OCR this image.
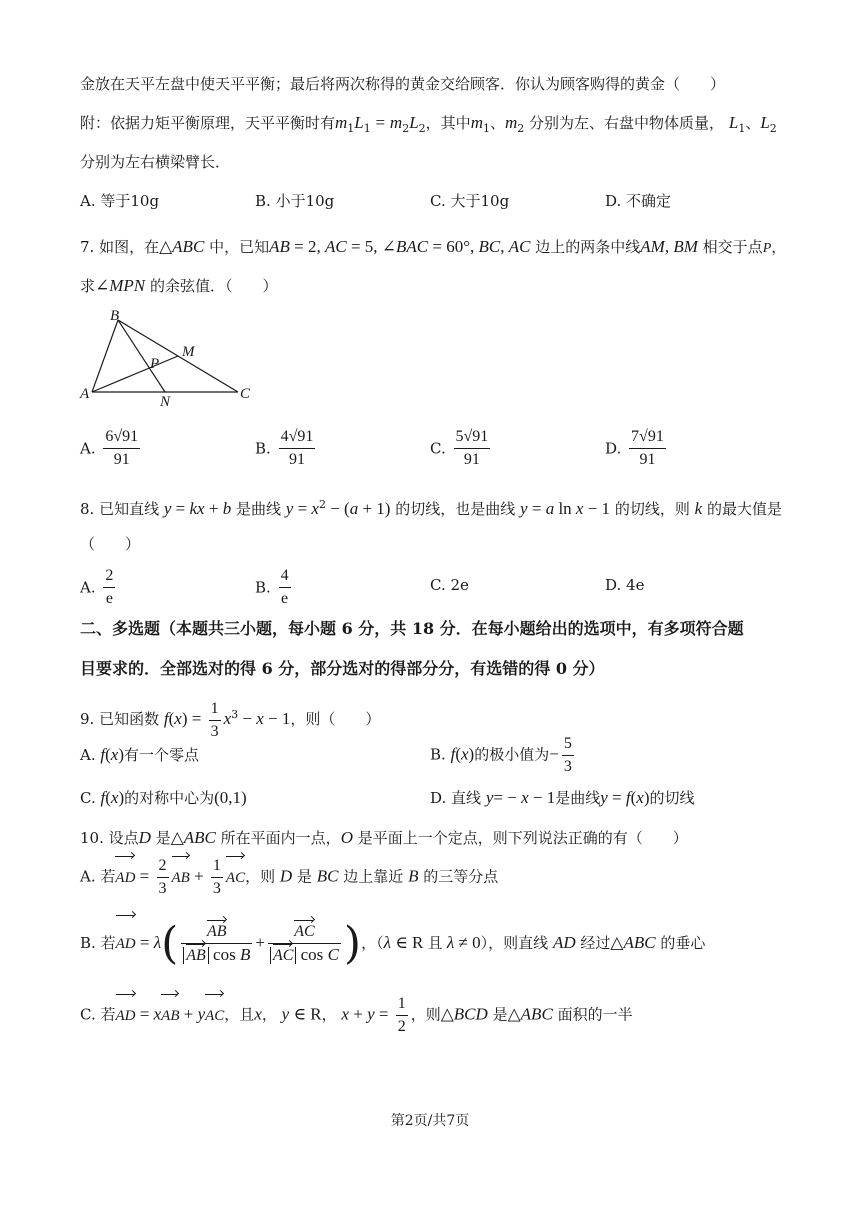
金放在天平左盘中使天平平衡；最后将两次称得的黄金交给顾客．你认为顾客购得的黄金（　　）
附：依据力矩平衡原理，天平平衡时有$m_1L_1 = m_2L_2$，其中$m_1$、$m_2$ 分别为左、右盘中物体质量， $L_1$、$L_2$
分别为左右横梁臂长．
A. 等于10g	B. 小于10g	C. 大于10g	D. 不确定
7. 如图，在△ABC 中，已知AB = 2, AC = 5, ∠BAC = 60°, BC, AC 边上的两条中线AM, BM 相交于点P，
求∠MPN 的余弦值．（　　）
B
M
P
A	N	C
A. $\frac{6√91}{91}$	B. $\frac{4√91}{91}$	C. $\frac{5√91}{91}$	D. $\frac{7√91}{91}$
8. 已知直线 y = kx + b 是曲线 $y = x^2 - (a + 1)$ 的切线，也是曲线 y = a ln x − 1 的切线，则 k 的最大值是
（　　）
A. $\frac{2}{e}$	B. $\frac{4}{e}$	C. 2e	D. 4e
二、多选题（本题共三小题，每小题 6 分，共 18 分．在每小题给出的选项中，有多项符合题
目要求的．全部选对的得 6 分，部分选对的得部分分，有选错的得 0 分）
9. 已知函数 $f(x) = \frac{1}{3} x^3 - x - 1$，则（　　）
A. f(x)有一个零点	B. f(x)的极小值为− $\frac{5}{3}$
C. f(x)的对称中心为(0,1)	D. 直线 y= − x − 1是曲线y = f(x)的切线
10. 设点D 是△ABC 所在平面内一点，O 是平面上一个定点，则下列说法正确的有（　　）
A. 若AD = $\frac{2}{3}$ AB + $\frac{1}{3}$ AC，则 D 是 BC 边上靠近 B 的三等分点
B. 若AD = $\lambda( \frac{AB}{\text{AB cos B}} + \frac{AC}{\text{AC cos C}}$ )，（λ ∈ R 且 λ ≠ 0），则直线 AD 经过△ABC 的垂心
C. 若AD = xAB + yAC，且x， y ∈ R， $x + y = \frac{1}{2}$ ，则△BCD 是△ABC 面积的一半
第2页/共7页
